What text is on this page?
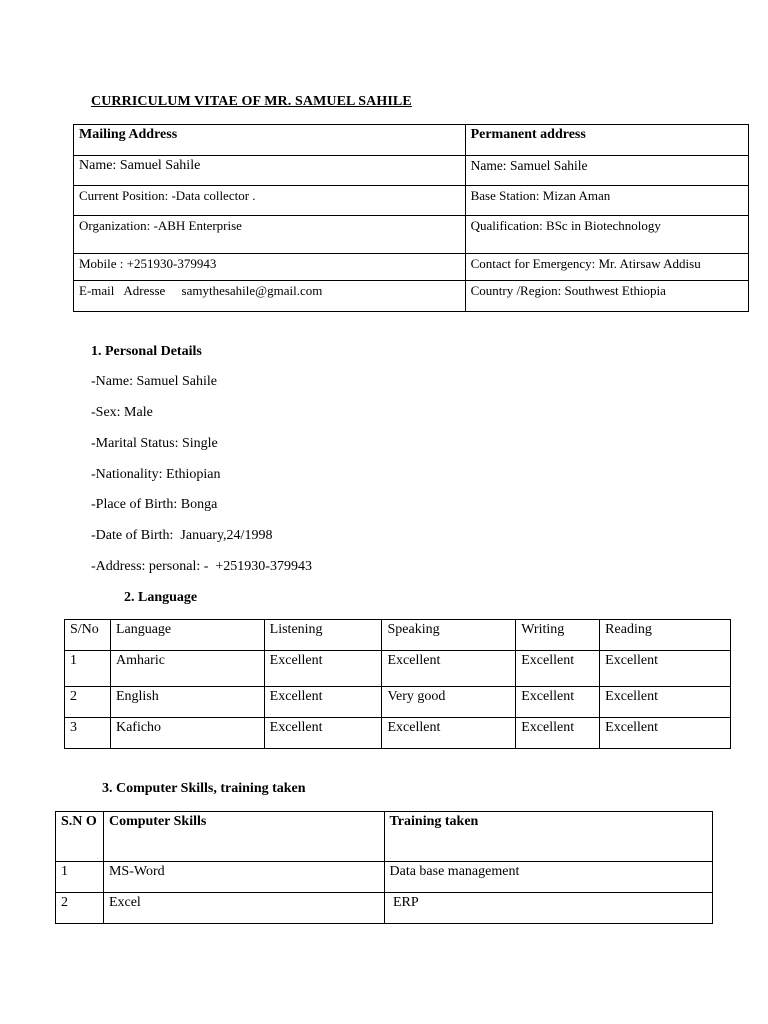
CURRICULUM VITAE OF MR. SAMUEL SAHILE
Mailing Address	Permanent address
Name: Samuel Sahile	Name: Samuel Sahile
Current Position: -Data collector .	Base Station: Mizan Aman
Organization: -ABH Enterprise	Qualification: BSc in Biotechnology
Mobile : +251930-379943	Contact for Emergency: Mr. Atirsaw Addisu
E-mail   Adresse     samythesahile@gmail.com	Country /Region: Southwest Ethiopia
1. Personal Details
-Name: Samuel Sahile
-Sex: Male
-Marital Status: Single
-Nationality: Ethiopian
-Place of Birth: Bonga
-Date of Birth:  January,24/1998
-Address: personal: -  +251930-379943
2. Language
S/No	Language	Listening	Speaking	Writing	Reading
1	Amharic	Excellent	Excellent	Excellent	Excellent
2	English	Excellent	Very good	Excellent	Excellent
3	Kaficho	Excellent	Excellent	Excellent	Excellent
3. Computer Skills, training taken
S.N O	Computer Skills	Training taken
1	MS-Word	Data base management
2	Excel	ERP
